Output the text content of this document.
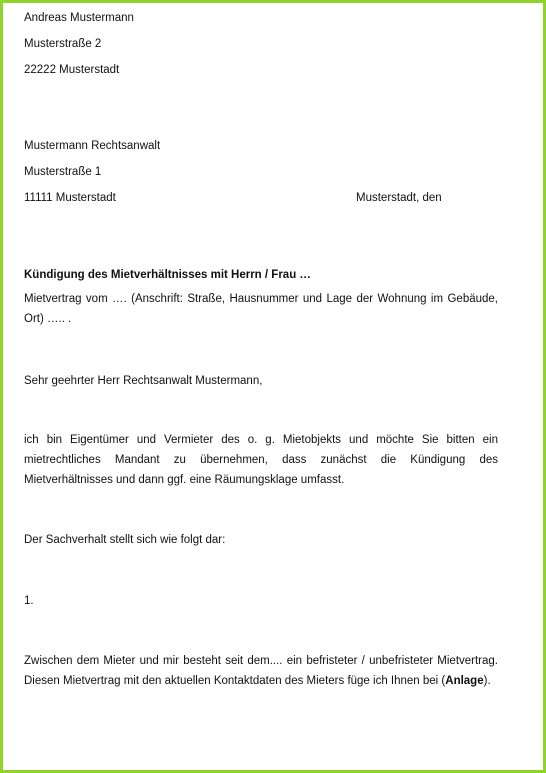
Andreas Mustermann
Musterstraße 2
22222 Musterstadt
Mustermann Rechtsanwalt
Musterstraße 1
11111 Musterstadt	Musterstadt, den
Kündigung des Mietverhältnisses mit Herrn / Frau …
Mietvertrag vom …. (Anschrift: Straße, Hausnummer und Lage der Wohnung im Gebäude,
Ort) ….. .
Sehr geehrter Herr Rechtsanwalt Mustermann,
ich bin Eigentümer und Vermieter des o. g. Mietobjekts und möchte Sie bitten ein
mietrechtliches Mandant zu übernehmen, dass zunächst die Kündigung des
Mietverhältnisses und dann ggf. eine Räumungsklage umfasst.
Der Sachverhalt stellt sich wie folgt dar:
1.
Zwischen dem Mieter und mir besteht seit dem.... ein befristeter / unbefristeter Mietvertrag.
Diesen Mietvertrag mit den aktuellen Kontaktdaten des Mieters füge ich Ihnen bei (Anlage).
